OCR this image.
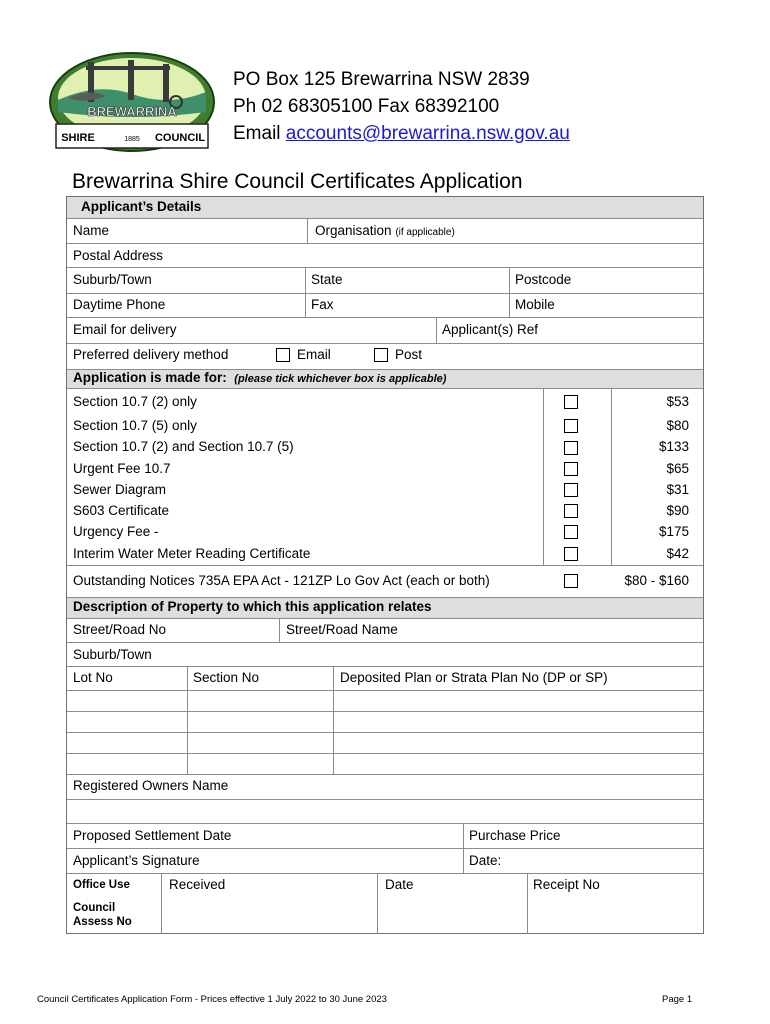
BREWARRINA
SHIRE	1885 COUNCIL
PO Box 125 Brewarrina NSW 2839
Ph 02 68305100 Fax 68392100
Email accounts@brewarrina.nsw.gov.au
Brewarrina Shire Council Certificates Application
Applicant’s Details
Name	Organisation (if applicable)
Postal Address
Suburb/Town	State	Postcode
Daytime Phone	Fax	Mobile
Email for delivery	Applicant(s) Ref
Preferred delivery method	Email	Post
Application is made for: (please tick whichever box is applicable)
Section 10.7 (2) only	$53
Section 10.7 (5) only	$80
Section 10.7 (2) and Section 10.7 (5)	$133
Urgent Fee 10.7	$65
Sewer Diagram	$31
S603 Certificate	$90
Urgency Fee -	$175
Interim Water Meter Reading Certificate	$42
Outstanding Notices 735A EPA Act - 121ZP Lo Gov Act (each or both)	$80 - $160
Description of Property to which this application relates
Street/Road No	Street/Road Name
Suburb/Town
Lot No	Section No	Deposited Plan or Strata Plan No (DP or SP)
Registered Owners Name
Proposed Settlement Date	Purchase Price
Applicant’s Signature	Date:
Office Use	Received	Date	Receipt No
Council
Assess No
Council Certificates Application Form - Prices effective 1 July 2022 to 30 June 2023	Page 1
